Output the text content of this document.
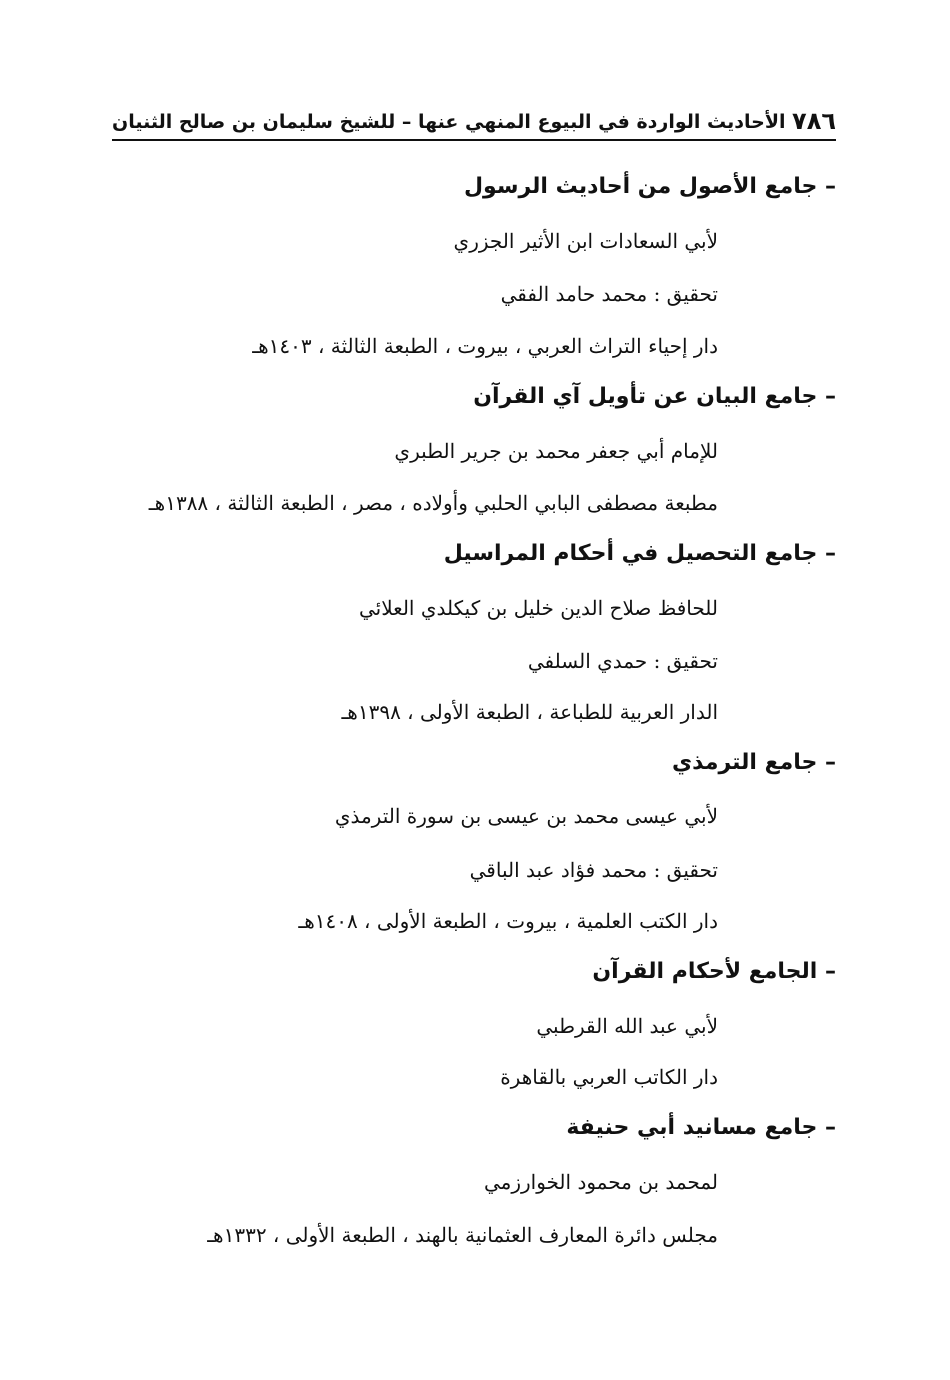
٧٨٦
الأحاديث الواردة في البيوع المنهي عنها – للشيخ سليمان بن صالح الثنيان
– جامع الأصول من أحاديث الرسول
لأبي السعادات ابن الأثير الجزري
تحقيق : محمد حامد الفقي
دار إحياء التراث العربي ، بيروت ، الطبعة الثالثة ، ١٤٠٣هـ
– جامع البيان عن تأويل آي القرآن
للإمام أبي جعفر محمد بن جرير الطبري
مطبعة مصطفى البابي الحلبي وأولاده ، مصر ، الطبعة الثالثة ، ١٣٨٨هـ
– جامع التحصيل في أحكام المراسيل
للحافظ صلاح الدين خليل بن كيكلدي العلائي
تحقيق : حمدي السلفي
الدار العربية للطباعة ، الطبعة الأولى ، ١٣٩٨هـ
– جامع الترمذي
لأبي عيسى محمد بن عيسى بن سورة الترمذي
تحقيق : محمد فؤاد عبد الباقي
دار الكتب العلمية ، بيروت ، الطبعة الأولى ، ١٤٠٨هـ
– الجامع لأحكام القرآن
لأبي عبد الله القرطبي
دار الكاتب العربي بالقاهرة
– جامع مسانيد أبي حنيفة
لمحمد بن محمود الخوارزمي
مجلس دائرة المعارف العثمانية بالهند ، الطبعة الأولى ، ١٣٣٢هـ
